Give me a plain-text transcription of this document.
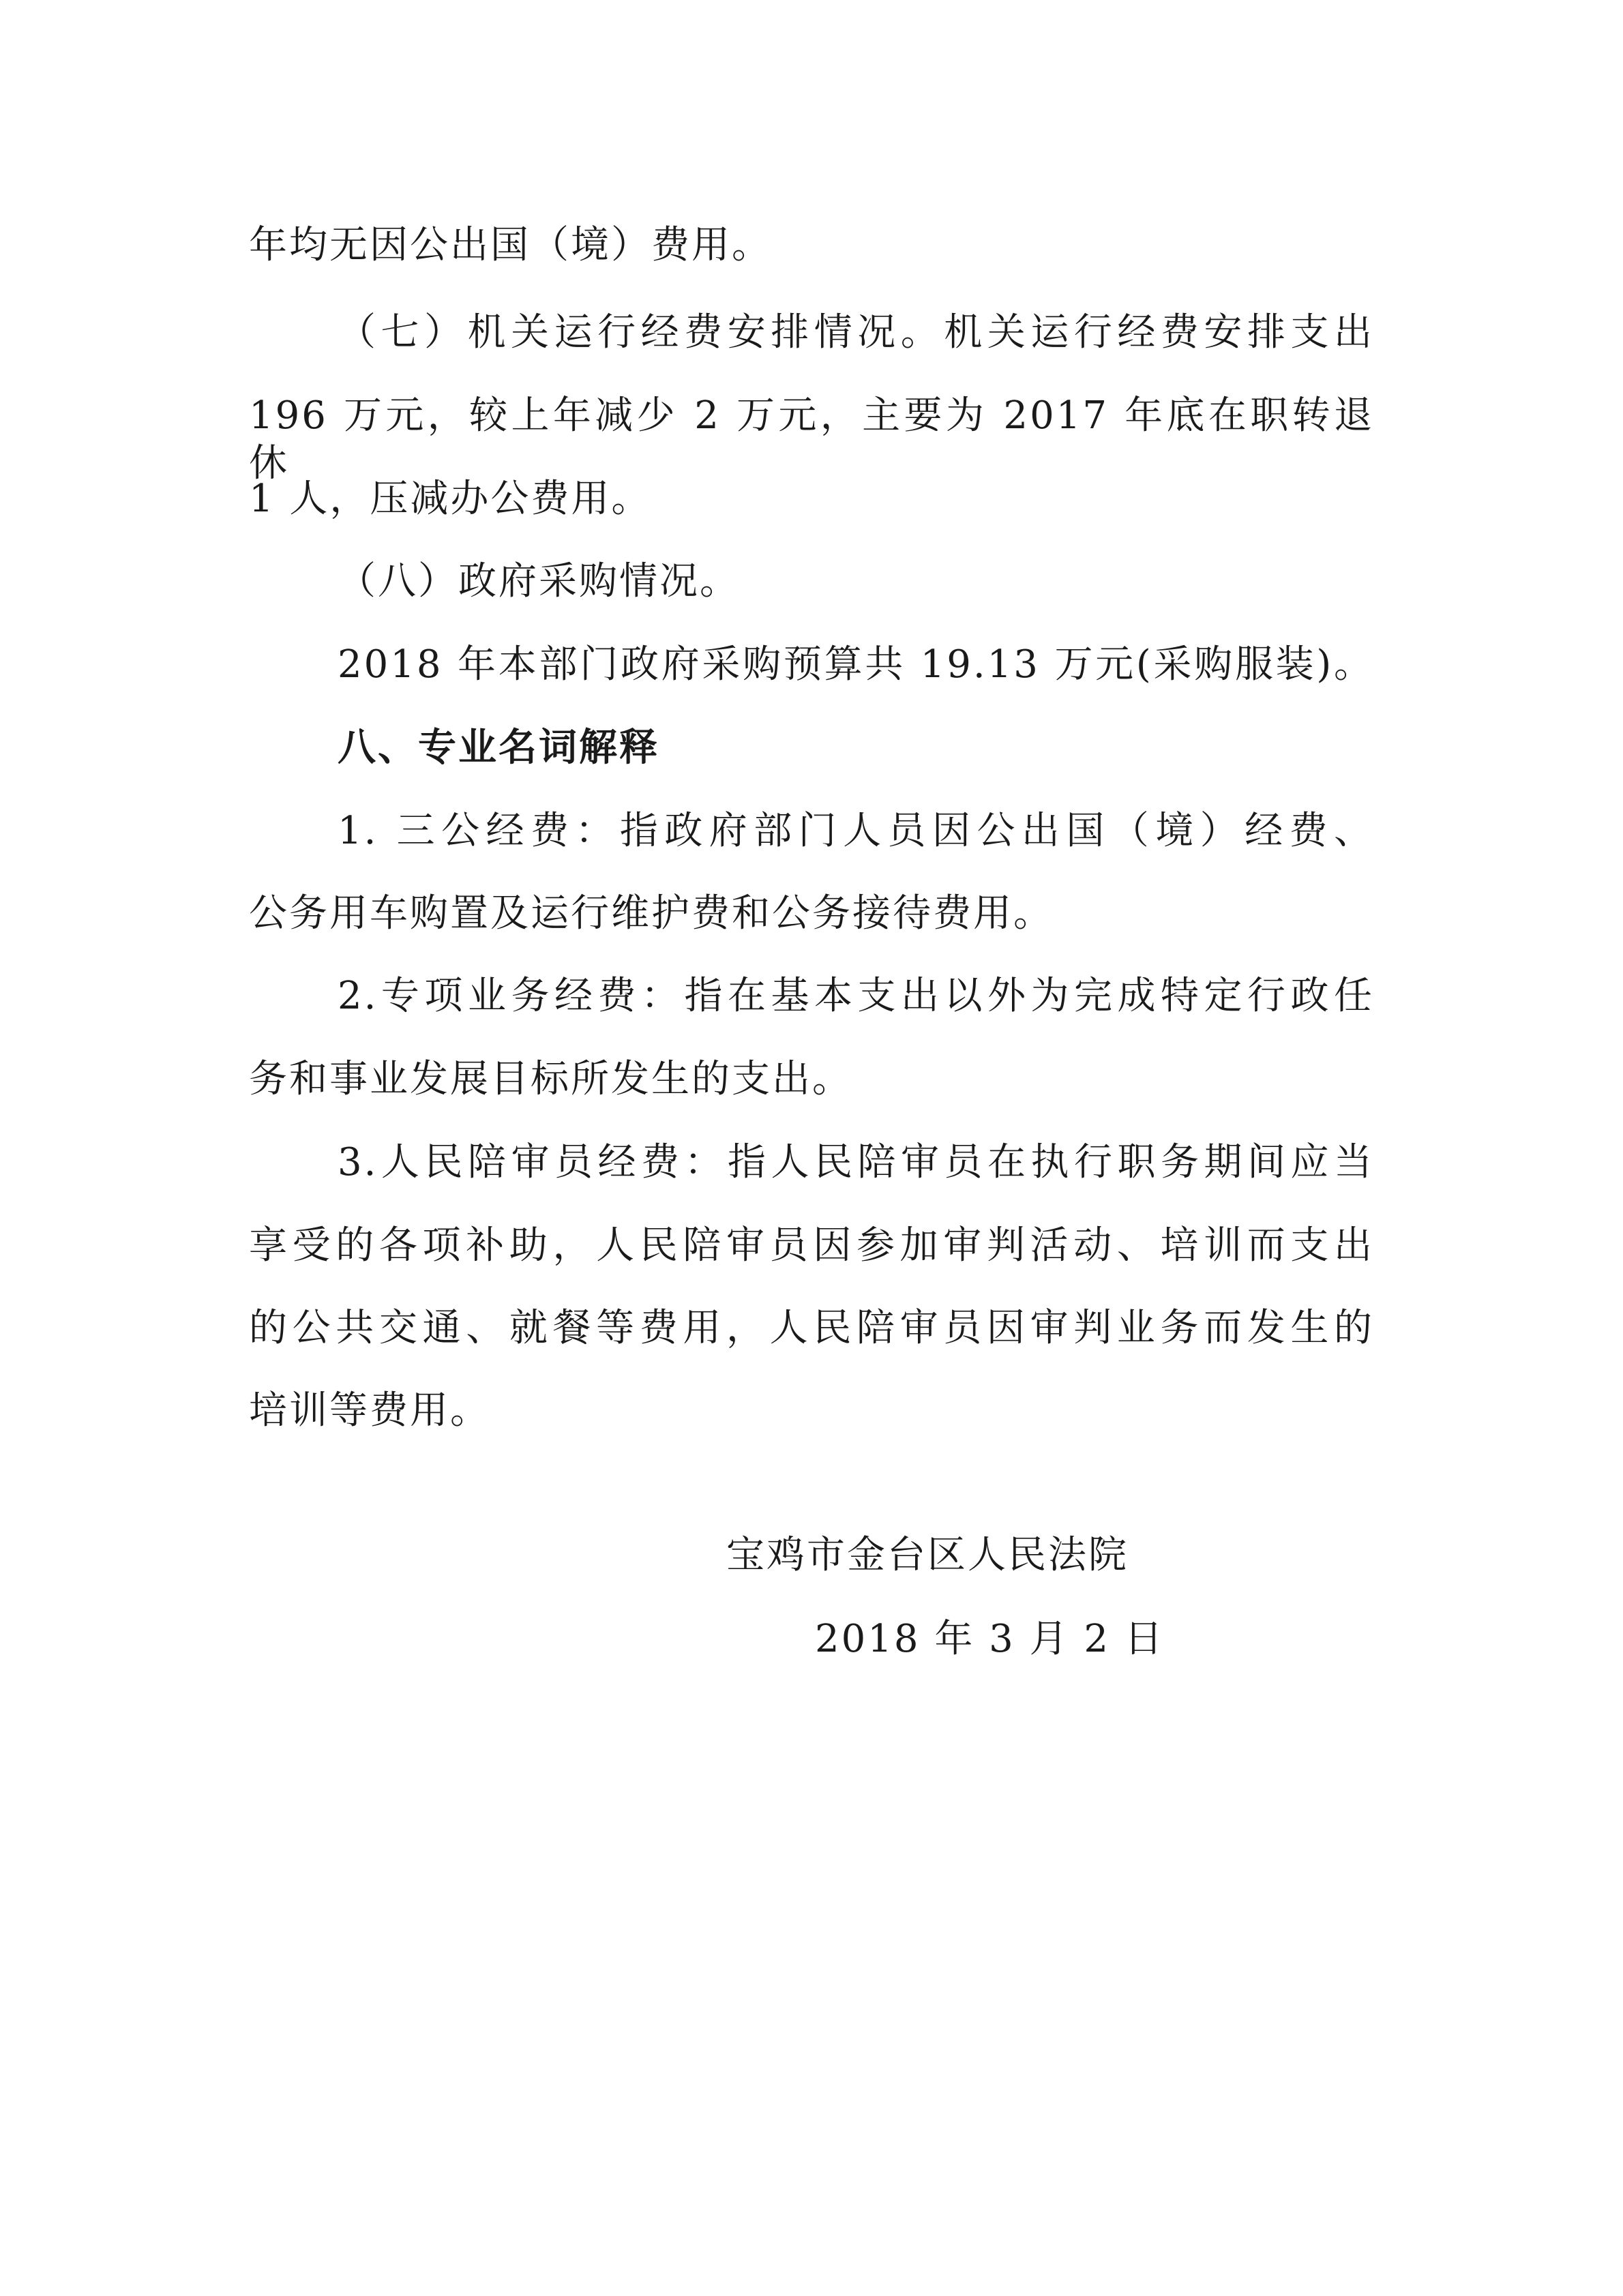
年均无因公出国（境）费用。
（七）机关运行经费安排情况。机关运行经费安排支出
196 万元，较上年减少 2 万元，主要为 2017 年底在职转退休
1 人，压减办公费用。
（八）政府采购情况。
2018 年本部门政府采购预算共 19.13 万元(采购服装)。
八、专业名词解释
1. 三公经费：指政府部门人员因公出国（境）经费、
公务用车购置及运行维护费和公务接待费用。
2.专项业务经费：指在基本支出以外为完成特定行政任
务和事业发展目标所发生的支出。
3.人民陪审员经费：指人民陪审员在执行职务期间应当
享受的各项补助，人民陪审员因参加审判活动、培训而支出
的公共交通、就餐等费用，人民陪审员因审判业务而发生的
培训等费用。
宝鸡市金台区人民法院
2018 年 3 月 2 日
